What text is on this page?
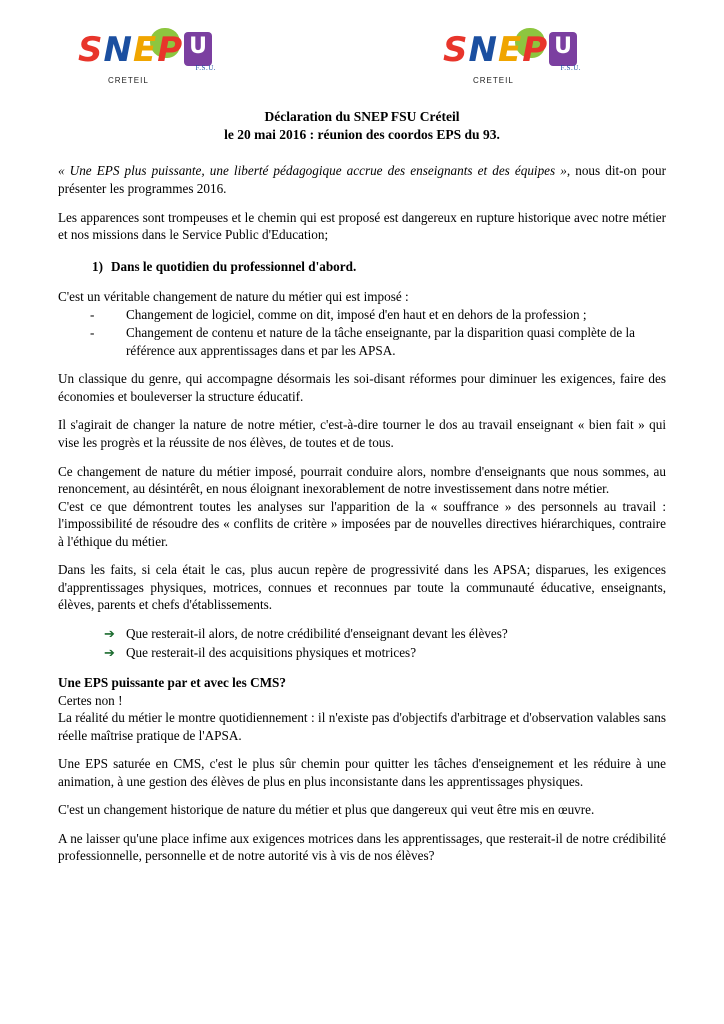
SNEP U
F.S.U.
CRETEIL
SNEP U
F.S.U.
CRETEIL
Déclaration du SNEP FSU Créteil
le 20 mai 2016 : réunion des coordos EPS du 93.

« Une EPS plus puissante, une liberté pédagogique accrue des enseignants et des équipes », nous dit-on pour présenter les programmes 2016.

Les apparences sont trompeuses et le chemin qui est proposé est dangereux en rupture historique avec notre métier et nos missions dans le Service Public d'Education;

1) Dans le quotidien du professionnel d'abord.

C'est un véritable changement de nature du métier qui est imposé :

- Changement de logiciel, comme on dit, imposé d'en haut et en dehors de la profession ;
- Changement de contenu et nature de la tâche enseignante, par la disparition quasi complète de la référence aux apprentissages dans et par les APSA.

Un classique du genre, qui accompagne désormais les soi-disant réformes pour diminuer les exigences, faire des économies et bouleverser la structure éducatif.

Il s'agirait de changer la nature de notre métier, c'est-à-dire tourner le dos au travail enseignant « bien fait » qui vise les progrès et la réussite de nos élèves, de toutes et de tous.

Ce changement de nature du métier imposé, pourrait conduire alors, nombre d'enseignants que nous sommes, au renoncement, au désintérêt, en nous éloignant inexorablement de notre investissement dans notre métier.

C'est ce que démontrent toutes les analyses sur l'apparition de la « souffrance » des personnels au travail : l'impossibilité de résoudre des « conflits de critère » imposées par de nouvelles directives hiérarchiques, contraire à l'éthique du métier.

Dans les faits, si cela était le cas, plus aucun repère de progressivité dans les APSA; disparues, les exigences d'apprentissages physiques, motrices, connues et reconnues par toute la communauté éducative, enseignants, élèves, parents et chefs d'établissements.

➔ Que resterait-il alors, de notre crédibilité d'enseignant devant les élèves?
➔ Que resterait-il des acquisitions physiques et motrices?

Une EPS puissante par et avec les CMS?

Certes non !

La réalité du métier le montre quotidiennement : il n'existe pas d'objectifs d'arbitrage et d'observation valables sans réelle maîtrise pratique de l'APSA.

Une EPS saturée en CMS, c'est le plus sûr chemin pour quitter les tâches d'enseignement et les réduire à une animation, à une gestion des élèves de plus en plus inconsistante dans les apprentissages physiques.

C'est un changement historique de nature du métier et plus que dangereux qui veut être mis en œuvre.

A ne laisser qu'une place infime aux exigences motrices dans les apprentissages, que resterait-il de notre crédibilité professionnelle, personnelle et de notre autorité vis à vis de nos élèves?
